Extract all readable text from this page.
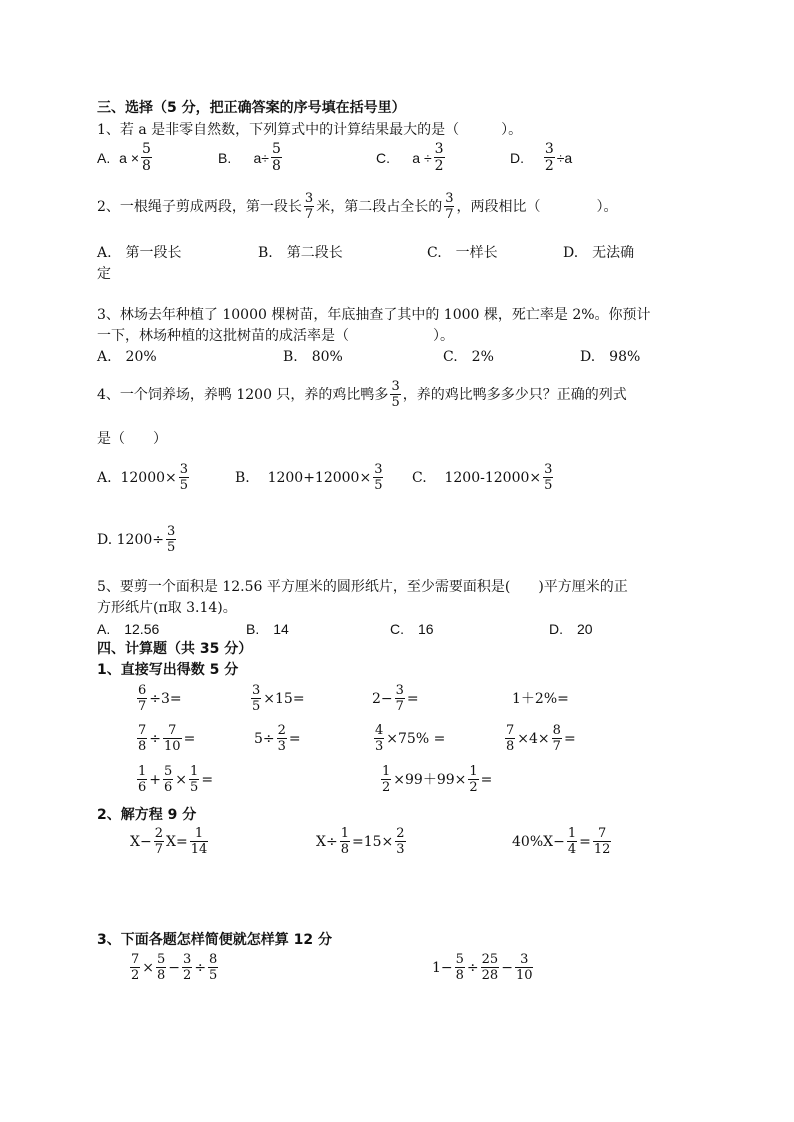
三、选择（5 分，把正确答案的序号填在括号里）
1、若 a 是非零自然数，下列算式中的计算结果最大的是（　　　）。
A.
$a \times \frac{5}{8}$	B.
$a\div \frac{5}{8}$	C.
$a \div \frac{3}{2}$	D.
$\frac{3}{2} \div a$
2、一根绳子剪成两段，第一段长 $\frac{3}{7}$ 米，第二段占全长的 $\frac{3}{7}$ ，两段相比（　　　　）。
A.　第一段长	B.　第二段长	C.　一样长	D.　无法确
定
3、林场去年种植了 10000 棵树苗，年底抽查了其中的 1000 棵，死亡率是 2%。你预计
一下，林场种植的这批树苗的成活率是（　　　　　　）。
A.　20%	B.　80%	C.　2%	D.　98%
4、一个饲养场，养鸭 1200 只，养的鸡比鸭多 $\frac{3}{5}$ ，养的鸡比鸭多多少只？正确的列式
是（　　）
A.
$12000\times \frac{3}{5}$	B.
$1200+12000\times \frac{3}{5} C$.
$1200-12000\times \frac{3}{5}$
D.
$1200\div \frac{3}{5}$
5、要剪一个面积是 12.56 平方厘米的圆形纸片，至少需要面积是(　　)平方厘米的正
方形纸片(π取 3.14)。
A.　12.56	B.　14	C.　16	D.　20
四、计算题（共 35 分）
1、直接写出得数 5 分
$\frac{6}{7} \div 3=$	$\frac{3}{5} \times 15=$	$2- \frac{3}{7}$ =	1＋2%=
$\frac{7}{8} \div \frac{7}{10}$ =	$5\div \frac{2}{3}$ =	$\frac{4}{3} \times 75\%$ =	$\frac{7}{8} \times 4\times \frac{8}{7}$ =
$\frac{1}{6} + \frac{5}{6} \times \frac{1}{5}$ =	$\frac{1}{2} \times 99+99\times \frac{1}{2}$ =
2、解方程 9 分
$X- \frac{2}{7} X= \frac{1}{14}$	$X\div \frac{1}{8} =15\times \frac{2}{3}$	$40\%X- \frac{1}{4} = \frac{7}{12}$
3、下面各题怎样简便就怎样算 12 分
$\frac{7}{2} \times \frac{5}{8} - \frac{3}{2} \div \frac{8}{5}$	$1- \frac{5}{8} \div \frac{25}{28} - \frac{3}{10}$
